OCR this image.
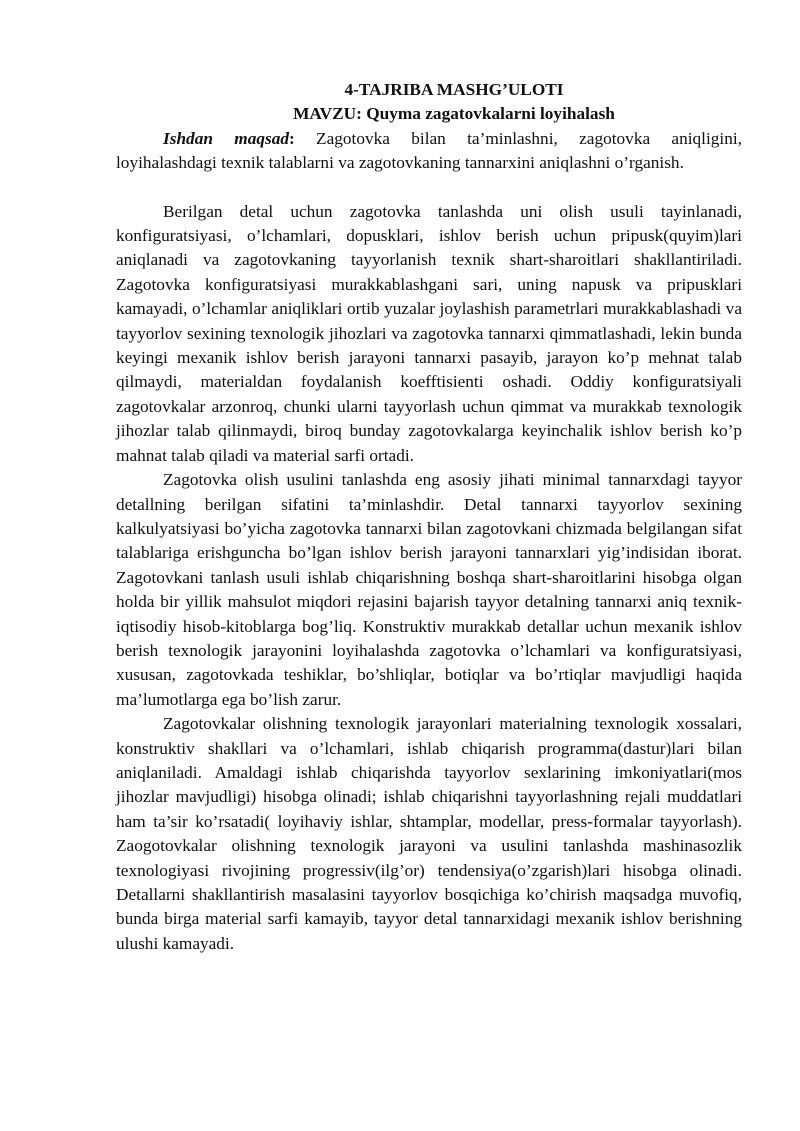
4-TAJRIBA MASHG’ULOTI

MAVZU: Quyma zagatovkalarni loyihalash

Ishdan maqsad: Zagotovka bilan ta’minlashni, zagotovka aniqligini, loyihalashdagi texnik talablarni va zagotovkaning tannarxini aniqlashni o’rganish.

Berilgan detal uchun zagotovka tanlashda uni olish usuli tayinlanadi, konfiguratsiyasi, o’lchamlari, dopusklari, ishlov berish uchun pripusk(quyim)lari aniqlanadi va zagotovkaning tayyorlanish texnik shart-sharoitlari shakllantiriladi. Zagotovka konfiguratsiyasi murakkablashgani sari, uning napusk va pripusklari kamayadi, o’lchamlar aniqliklari ortib yuzalar joylashish parametrlari murakkablashadi va tayyorlov sexining texnologik jihozlari va zagotovka tannarxi qimmatlashadi, lekin bunda keyingi mexanik ishlov berish jarayoni tannarxi pasayib, jarayon ko’p mehnat talab qilmaydi, materialdan foydalanish koefftisienti oshadi. Oddiy konfiguratsiyali zagotovkalar arzonroq, chunki ularni tayyorlash uchun qimmat va murakkab texnologik jihozlar talab qilinmaydi, biroq bunday zagotovkalarga keyinchalik ishlov berish ko’p mahnat talab qiladi va material sarfi ortadi.

Zagotovka olish usulini tanlashda eng asosiy jihati minimal tannarxdagi tayyor detallning berilgan sifatini ta’minlashdir. Detal tannarxi tayyorlov sexining kalkulyatsiyasi bo’yicha zagotovka tannarxi bilan zagotovkani chizmada belgilangan sifat talablariga erishguncha bo’lgan ishlov berish jarayoni tannarxlari yig’indisidan iborat. Zagotovkani tanlash usuli ishlab chiqarishning boshqa shart-sharoitlarini hisobga olgan holda bir yillik mahsulot miqdori rejasini bajarish tayyor detalning tannarxi aniq texnik-iqtisodiy hisob-kitoblarga bog’liq. Konstruktiv murakkab detallar uchun mexanik ishlov berish texnologik jarayonini loyihalashda zagotovka o’lchamlari va konfiguratsiyasi, xususan, zagotovkada teshiklar, bo’shliqlar, botiqlar va bo’rtiqlar mavjudligi haqida ma’lumotlarga ega bo’lish zarur.

Zagotovkalar olishning texnologik jarayonlari materialning texnologik xossalari, konstruktiv shakllari va o’lchamlari, ishlab chiqarish programma(dastur)lari bilan aniqlaniladi. Amaldagi ishlab chiqarishda tayyorlov sexlarining imkoniyatlari(mos jihozlar mavjudligi) hisobga olinadi; ishlab chiqarishni tayyorlashning rejali muddatlari ham ta’sir ko’rsatadi( loyihaviy ishlar, shtamplar, modellar, press-formalar tayyorlash). Zaogotovkalar olishning texnologik jarayoni va usulini tanlashda mashinasozlik texnologiyasi rivojining progressiv(ilg’or) tendensiya(o’zgarish)lari hisobga olinadi. Detallarni shakllantirish masalasini tayyorlov bosqichiga ko’chirish maqsadga muvofiq, bunda birga material sarfi kamayib, tayyor detal tannarxidagi mexanik ishlov berishning ulushi kamayadi.
